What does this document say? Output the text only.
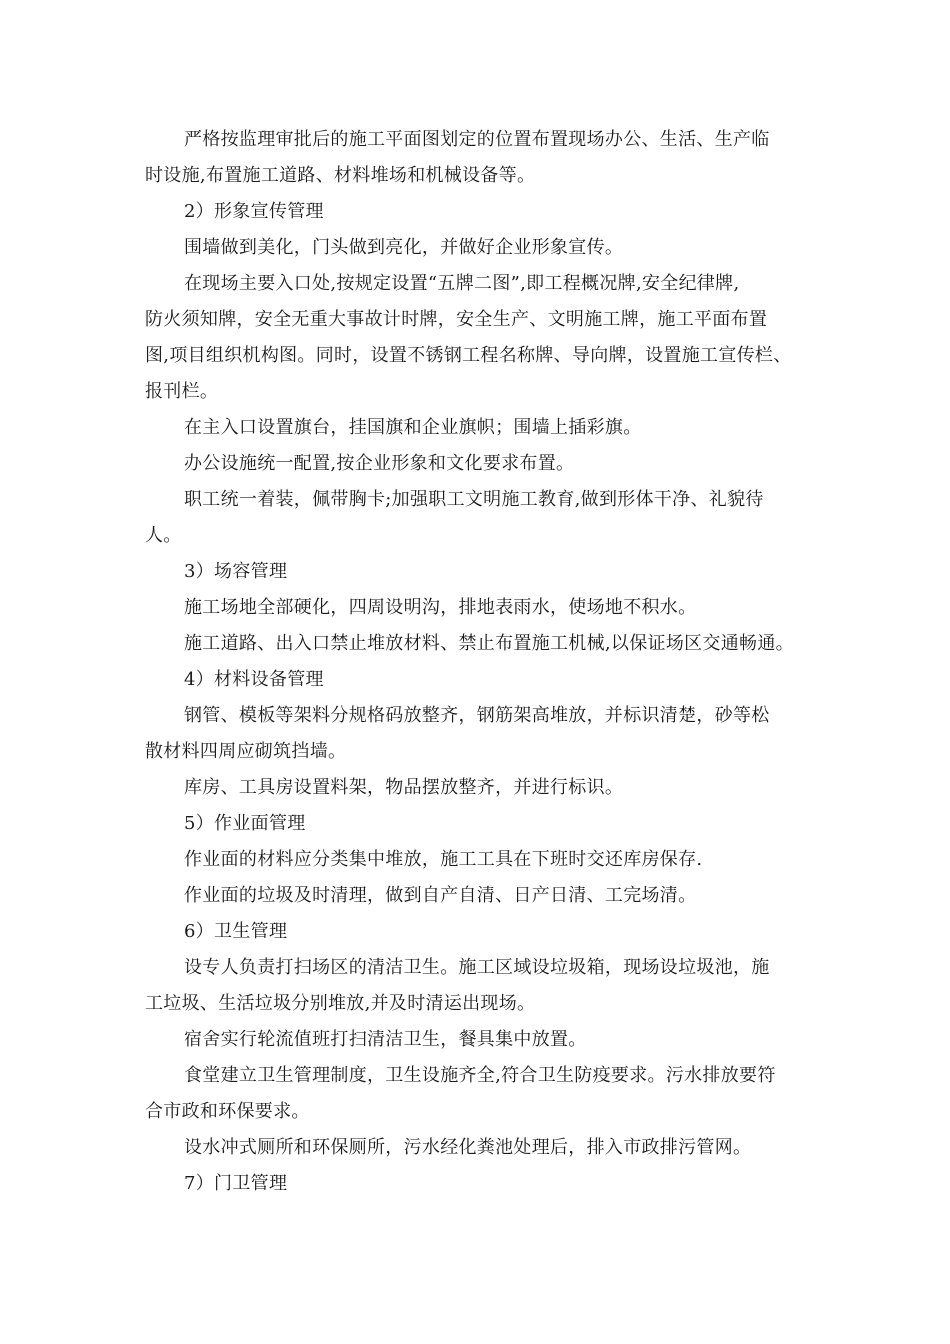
严格按监理审批后的施工平面图划定的位置布置现场办公、生活、生产临
时设施,布置施工道路、材料堆场和机械设备等。
2）形象宣传管理
围墙做到美化，门头做到亮化，并做好企业形象宣传。
在现场主要入口处,按规定设置“五牌二图”,即工程概况牌,安全纪律牌,
防火须知牌，安全无重大事故计时牌，安全生产、文明施工牌，施工平面布置
图,项目组织机构图。同时，设置不锈钢工程名称牌、导向牌，设置施工宣传栏、
报刊栏。
在主入口设置旗台，挂国旗和企业旗帜；围墙上插彩旗。
办公设施统一配置,按企业形象和文化要求布置。
职工统一着装，佩带胸卡;加强职工文明施工教育,做到形体干净、礼貌待
人。
3）场容管理
施工场地全部硬化，四周设明沟，排地表雨水，使场地不积水。
施工道路、出入口禁止堆放材料、禁止布置施工机械,以保证场区交通畅通。
4）材料设备管理
钢管、模板等架料分规格码放整齐，钢筋架高堆放，并标识清楚，砂等松
散材料四周应砌筑挡墙。
库房、工具房设置料架，物品摆放整齐，并进行标识。
5）作业面管理
作业面的材料应分类集中堆放，施工工具在下班时交还库房保存.
作业面的垃圾及时清理，做到自产自清、日产日清、工完场清。
6）卫生管理
设专人负责打扫场区的清洁卫生。施工区域设垃圾箱，现场设垃圾池，施
工垃圾、生活垃圾分别堆放,并及时清运出现场。
宿舍实行轮流值班打扫清洁卫生，餐具集中放置。
食堂建立卫生管理制度，卫生设施齐全,符合卫生防疫要求。污水排放要符
合市政和环保要求。
设水冲式厕所和环保厕所，污水经化粪池处理后，排入市政排污管网。
7）门卫管理
